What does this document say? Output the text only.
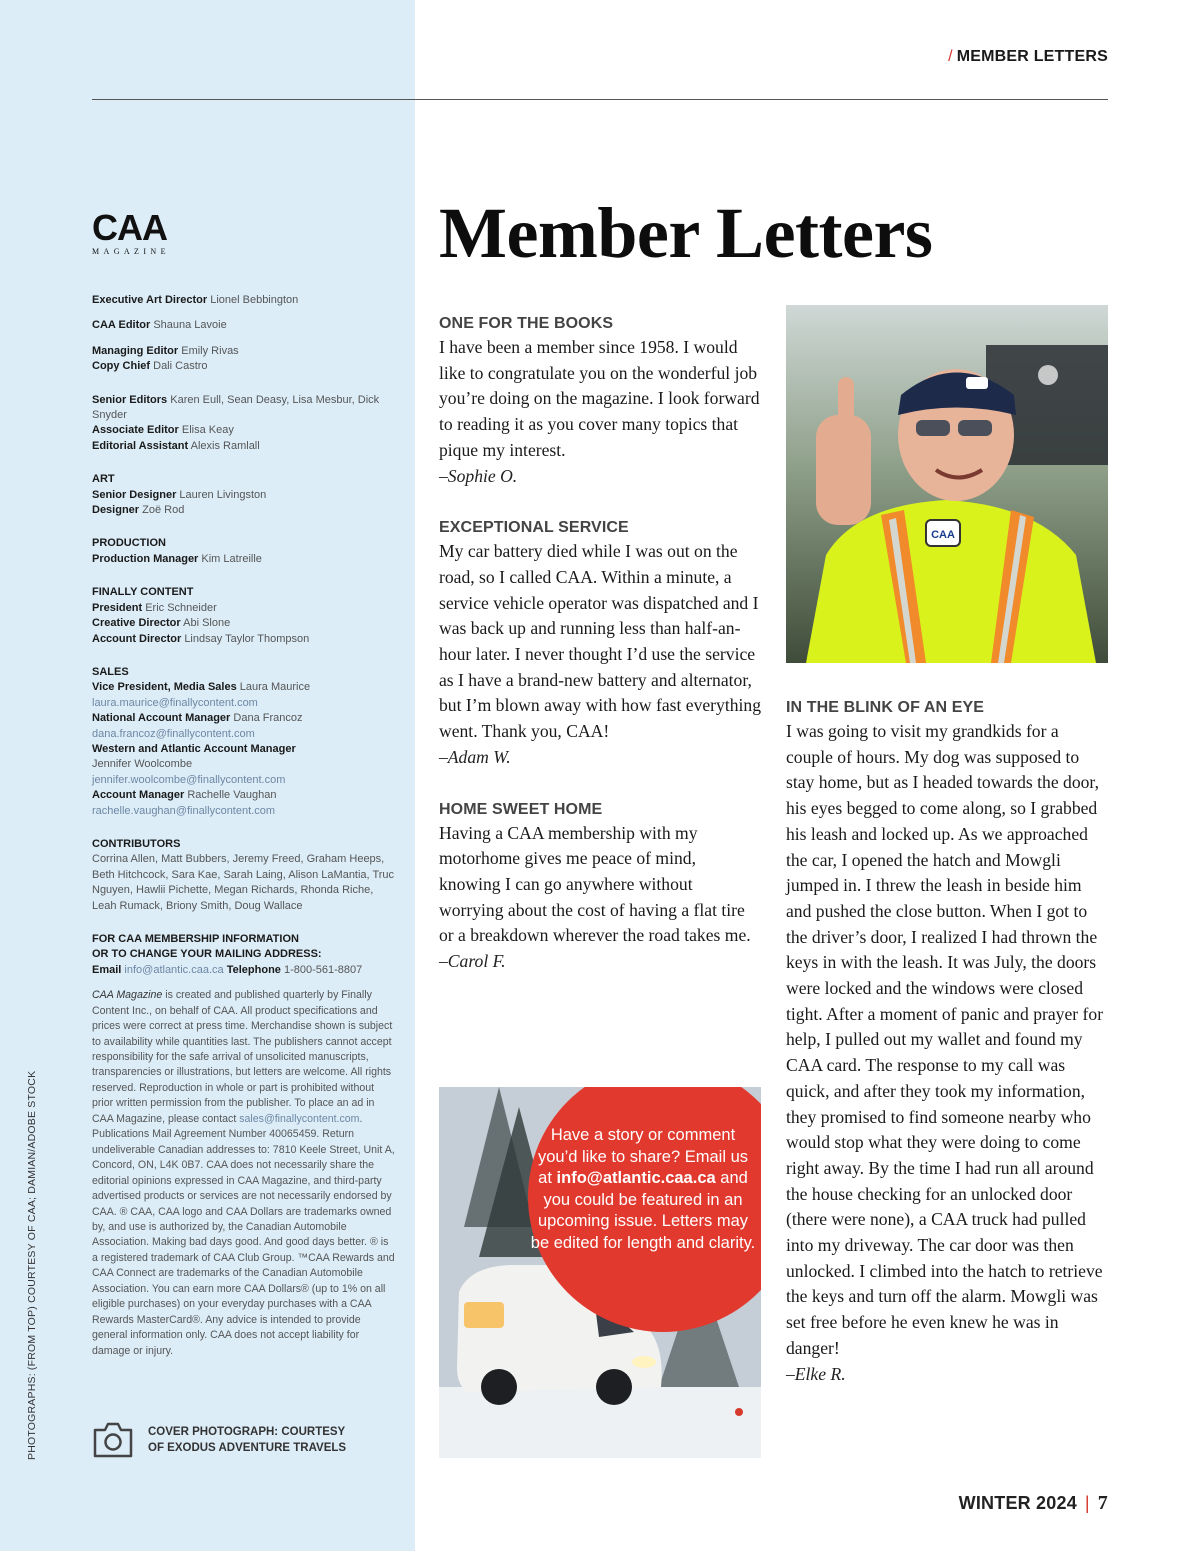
/ MEMBER LETTERS
PHOTOGRAPHS: (FROM TOP) COURTESY OF CAA; DAMIAN/ADOBE STOCK
CAA
MAGAZINE
Executive Art Director Lionel Bebbington
CAA Editor Shauna Lavoie
Managing Editor Emily Rivas
Copy Chief Dali Castro
Senior Editors Karen Eull, Sean Deasy, Lisa Mesbur, Dick Snyder
Associate Editor Elisa Keay
Editorial Assistant Alexis Ramlall
ART
Senior Designer Lauren Livingston
Designer Zoë Rod
PRODUCTION
Production Manager Kim Latreille
FINALLY CONTENT
President Eric Schneider
Creative Director Abi Slone
Account Director Lindsay Taylor Thompson
SALES
Vice President, Media Sales Laura Maurice
laura.maurice@finallycontent.com
National Account Manager Dana Francoz
dana.francoz@finallycontent.com
Western and Atlantic Account Manager
Jennifer Woolcombe
jennifer.woolcombe@finallycontent.com
Account Manager Rachelle Vaughan
rachelle.vaughan@finallycontent.com
CONTRIBUTORS
Corrina Allen, Matt Bubbers, Jeremy Freed, Graham Heeps, Beth Hitchcock, Sara Kae, Sarah Laing, Alison LaMantia, Truc Nguyen, Hawlii Pichette, Megan Richards, Rhonda Riche, Leah Rumack, Briony Smith, Doug Wallace
FOR CAA MEMBERSHIP INFORMATION
OR TO CHANGE YOUR MAILING ADDRESS:
Email info@atlantic.caa.ca Telephone 1-800-561-8807
CAA Magazine is created and published quarterly by Finally Content Inc., on behalf of CAA. All product specifications and prices were correct at press time. Merchandise shown is subject to availability while quantities last. The publishers cannot accept responsibility for the safe arrival of unsolicited manuscripts, transparencies or illustrations, but letters are welcome. All rights reserved. Reproduction in whole or part is prohibited without prior written permission from the publisher. To place an ad in CAA Magazine, please contact sales@finallycontent.com. Publications Mail Agreement Number 40065459. Return undeliverable Canadian addresses to: 7810 Keele Street, Unit A, Concord, ON, L4K 0B7. CAA does not necessarily share the editorial opinions expressed in CAA Magazine, and third-party advertised products or services are not necessarily endorsed by CAA. ® CAA, CAA logo and CAA Dollars are trademarks owned by, and use is authorized by, the Canadian Automobile Association. Making bad days good. And good days better. ® is a registered trademark of CAA Club Group. ™CAA Rewards and CAA Connect are trademarks of the Canadian Automobile Association. You can earn more CAA Dollars® (up to 1% on all eligible purchases) on your everyday purchases with a CAA Rewards MasterCard®. Any advice is intended to provide general information only. CAA does not accept liability for damage or injury.
COVER PHOTOGRAPH: COURTESY
OF EXODUS ADVENTURE TRAVELS
Member Letters
ONE FOR THE BOOKS

I have been a member since 1958. I would like to congratulate you on the wonderful job you’re doing on the magazine. I look forward to reading it as you cover many topics that pique my interest.

–Sophie O.
EXCEPTIONAL SERVICE

My car battery died while I was out on the road, so I called CAA. Within a minute, a service vehicle operator was dispatched and I was back up and running less than half-an-hour later. I never thought I’d use the service as I have a brand-new battery and alternator, but I’m blown away with how fast everything went. Thank you, CAA!

–Adam W.
HOME SWEET HOME

Having a CAA membership with my motorhome gives me peace of mind, knowing I can go anywhere without worrying about the cost of having a flat tire or a breakdown wherever the road takes me.

–Carol F.
CAA
Have a story or comment you’d like to share? Email us at info@atlantic.caa.ca and you could be featured in an upcoming issue. Letters may be edited for length and clarity.
IN THE BLINK OF AN EYE

I was going to visit my grandkids for a couple of hours. My dog was supposed to stay home, but as I headed towards the door, his eyes begged to come along, so I grabbed his leash and locked up. As we approached the car, I opened the hatch and Mowgli jumped in. I threw the leash in beside him and pushed the close button. When I got to the driver’s door, I realized I had thrown the keys in with the leash. It was July, the doors were locked and the windows were closed tight. After a moment of panic and prayer for help, I pulled out my wallet and found my CAA card. The response to my call was quick, and after they took my information, they promised to find someone nearby who would stop what they were doing to come right away. By the time I had run all around the house checking for an unlocked door (there were none), a CAA truck had pulled into my driveway. The car door was then unlocked. I climbed into the hatch to retrieve the keys and turn off the alarm. Mowgli was set free before he even knew he was in danger!

–Elke R.
WINTER 2024 | 7
